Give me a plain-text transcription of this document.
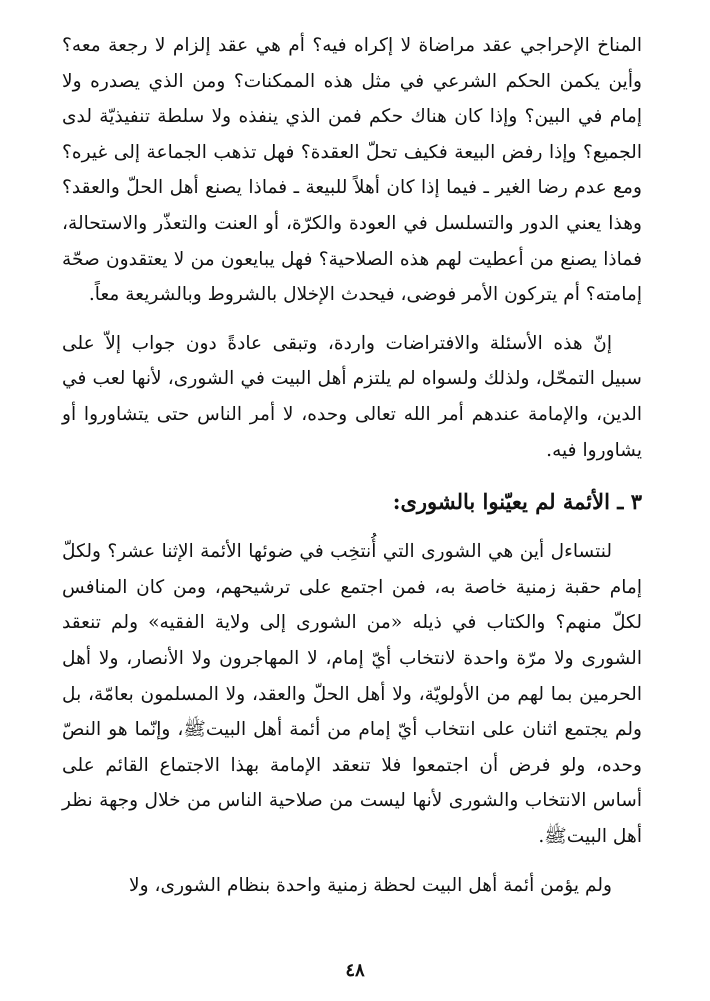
المناخ الإحراجي عقد مراضاة لا إكراه فيه؟ أم هي عقد إلزام لا رجعة معه؟ وأين يكمن الحكم الشرعي في مثل هذه الممكنات؟ ومن الذي يصدره ولا إمام في البين؟ وإذا كان هناك حكم فمن الذي ينفذه ولا سلطة تنفيذيّة لدى الجميع؟ وإذا رفض البيعة فكيف تحلّ العقدة؟ فهل تذهب الجماعة إلى غيره؟ ومع عدم رضا الغير ـ فيما إذا كان أهلاً للبيعة ـ فماذا يصنع أهل الحلّ والعقد؟ وهذا يعني الدور والتسلسل في العودة والكرّة، أو العنت والتعذّر والاستحالة، فماذا يصنع من أعطيت لهم هذه الصلاحية؟ فهل يبايعون من لا يعتقدون صحّة إمامته؟ أم يتركون الأمر فوضى، فيحدث الإخلال بالشروط وبالشريعة معاً.

إنّ هذه الأسئلة والافتراضات واردة، وتبقى عادةً دون جواب إلاّ على سبيل التمحّل، ولذلك ولسواه لم يلتزم أهل البيت في الشورى، لأنها لعب في الدين، والإمامة عندهم أمر الله تعالى وحده، لا أمر الناس حتى يتشاوروا أو يشاوروا فيه.

٣ ـ الأئمة لم يعيّنوا بالشورى:

لنتساءل أين هي الشورى التي أُنتخِب في ضوئها الأئمة الإثنا عشر؟ ولكلّ إمام حقبة زمنية خاصة به، فمن اجتمع على ترشيحهم، ومن كان المنافس لكلّ منهم؟ والكتاب في ذيله «من الشورى إلى ولاية الفقيه» ولم تنعقد الشورى ولا مرّة واحدة لانتخاب أيّ إمام، لا المهاجرون ولا الأنصار، ولا أهل الحرمين بما لهم من الأولويّة، ولا أهل الحلّ والعقد، ولا المسلمون بعامّة، بل ولم يجتمع اثنان على انتخاب أيّ إمام من أئمة أهل البيتﷺ، وإنّما هو النصّ وحده، ولو فرض أن اجتمعوا فلا تنعقد الإمامة بهذا الاجتماع القائم على أساس الانتخاب والشورى لأنها ليست من صلاحية الناس من خلال وجهة نظر أهل البيتﷺ.

ولم يؤمن أئمة أهل البيت لحظة زمنية واحدة بنظام الشورى، ولا

٤٨
